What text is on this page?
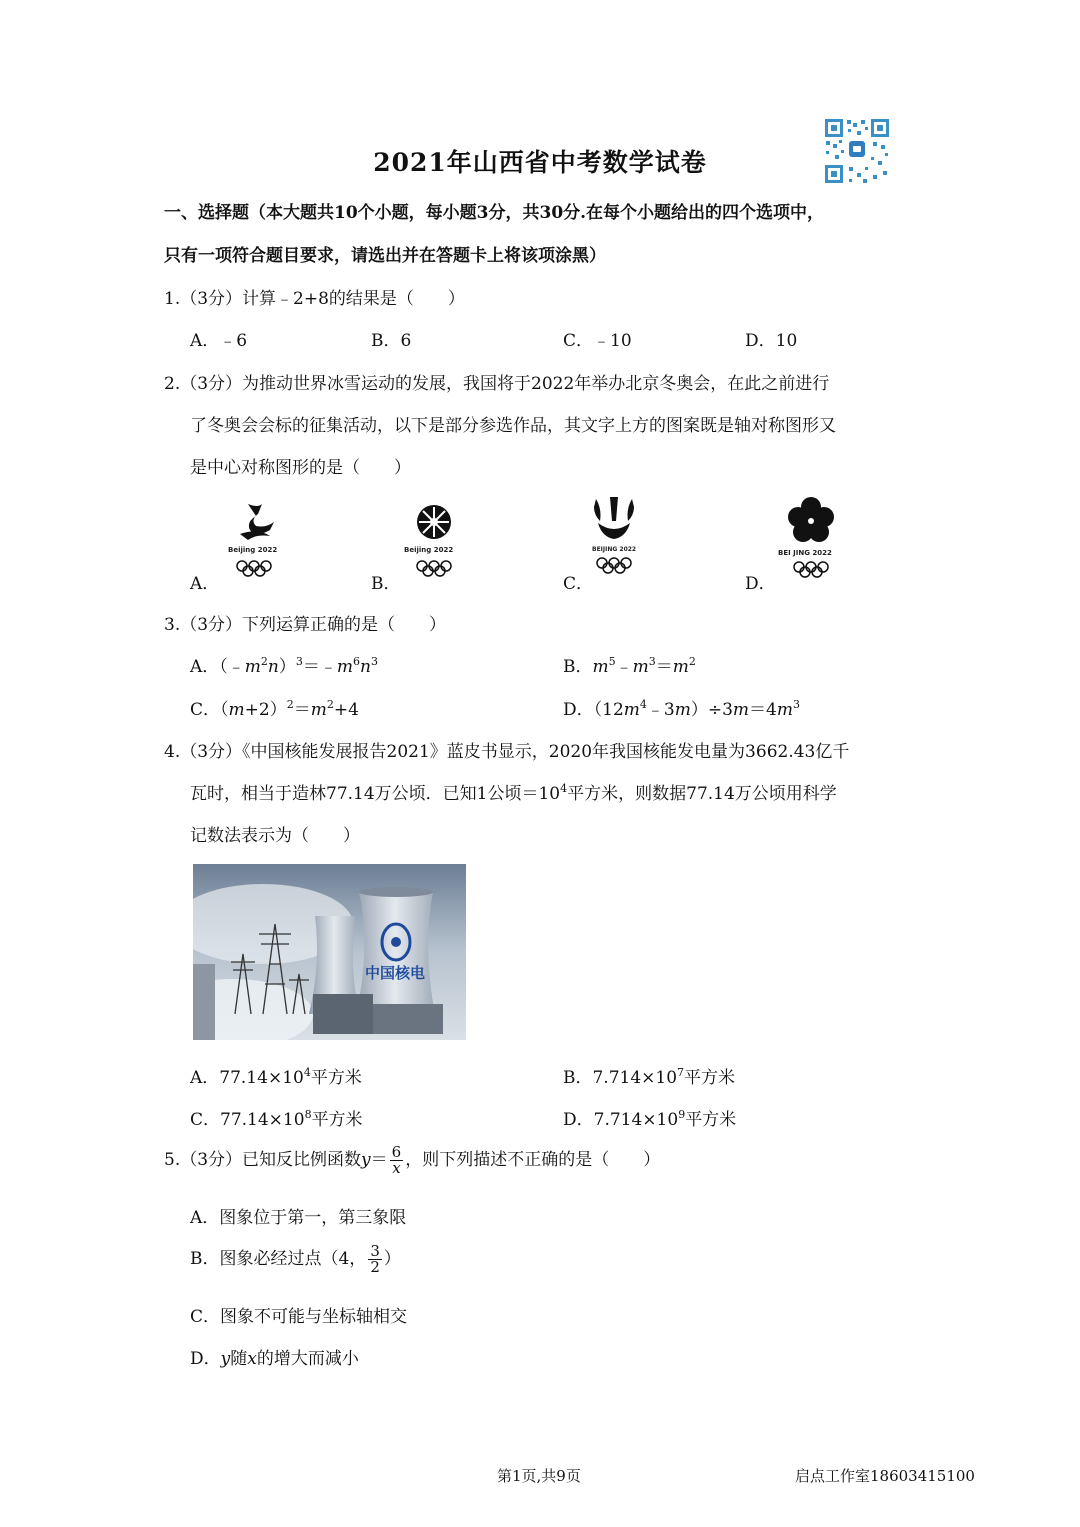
2021年山西省中考数学试卷
一、选择题（本大题共10个小题，每小题3分，共30分.在每个小题给出的四个选项中，
只有一项符合题目要求，请选出并在答题卡上将该项涂黑）
1.（3分）计算﹣2+8的结果是（　　）
A．﹣6	B．6	C．﹣10	D．10
2.（3分）为推动世界冰雪运动的发展，我国将于2022年举办北京冬奥会，在此之前进行
了冬奥会会标的征集活动，以下是部分参选作品，其文字上方的图案既是轴对称图形又
是中心对称图形的是（　　）
A．	B．	C．	D．
Beijing 2022	Beijing 2022	BEIJING 2022	BEI JING 2022
3.（3分）下列运算正确的是（　　）
A．$(﹣m^2n)^3=﹣m^6n^3$	B．$m^5﹣m^3=m^2$
C．$(m+2)^2=m^2+4$	D．$(12m^4﹣3m)\div 3m=4m^3$
4.（3分）《中国核能发展报告2021》蓝皮书显示，2020年我国核能发电量为3662.43亿千
瓦时，相当于造林77.14万公顷．已知1公顷$=10^4$平方米，则数据77.14万公顷用科学
记数法表示为（　　）
中国核电
A．$77.14\times 10^4$平方米	B．$7.714\times 10^7$平方米
C．$77.14\times 10^8$平方米	D．$7.714\times 10^9$平方米
5.（3分）已知反比例函数$y= \frac{6}{x}$ ，则下列描述不正确的是（　　）
A．图象位于第一，第三象限
B．图象必经过点（4， $\frac{3}{2}$ ）
C．图象不可能与坐标轴相交
D．y随x的增大而减小
第1页,共9页	启点工作室18603415100
